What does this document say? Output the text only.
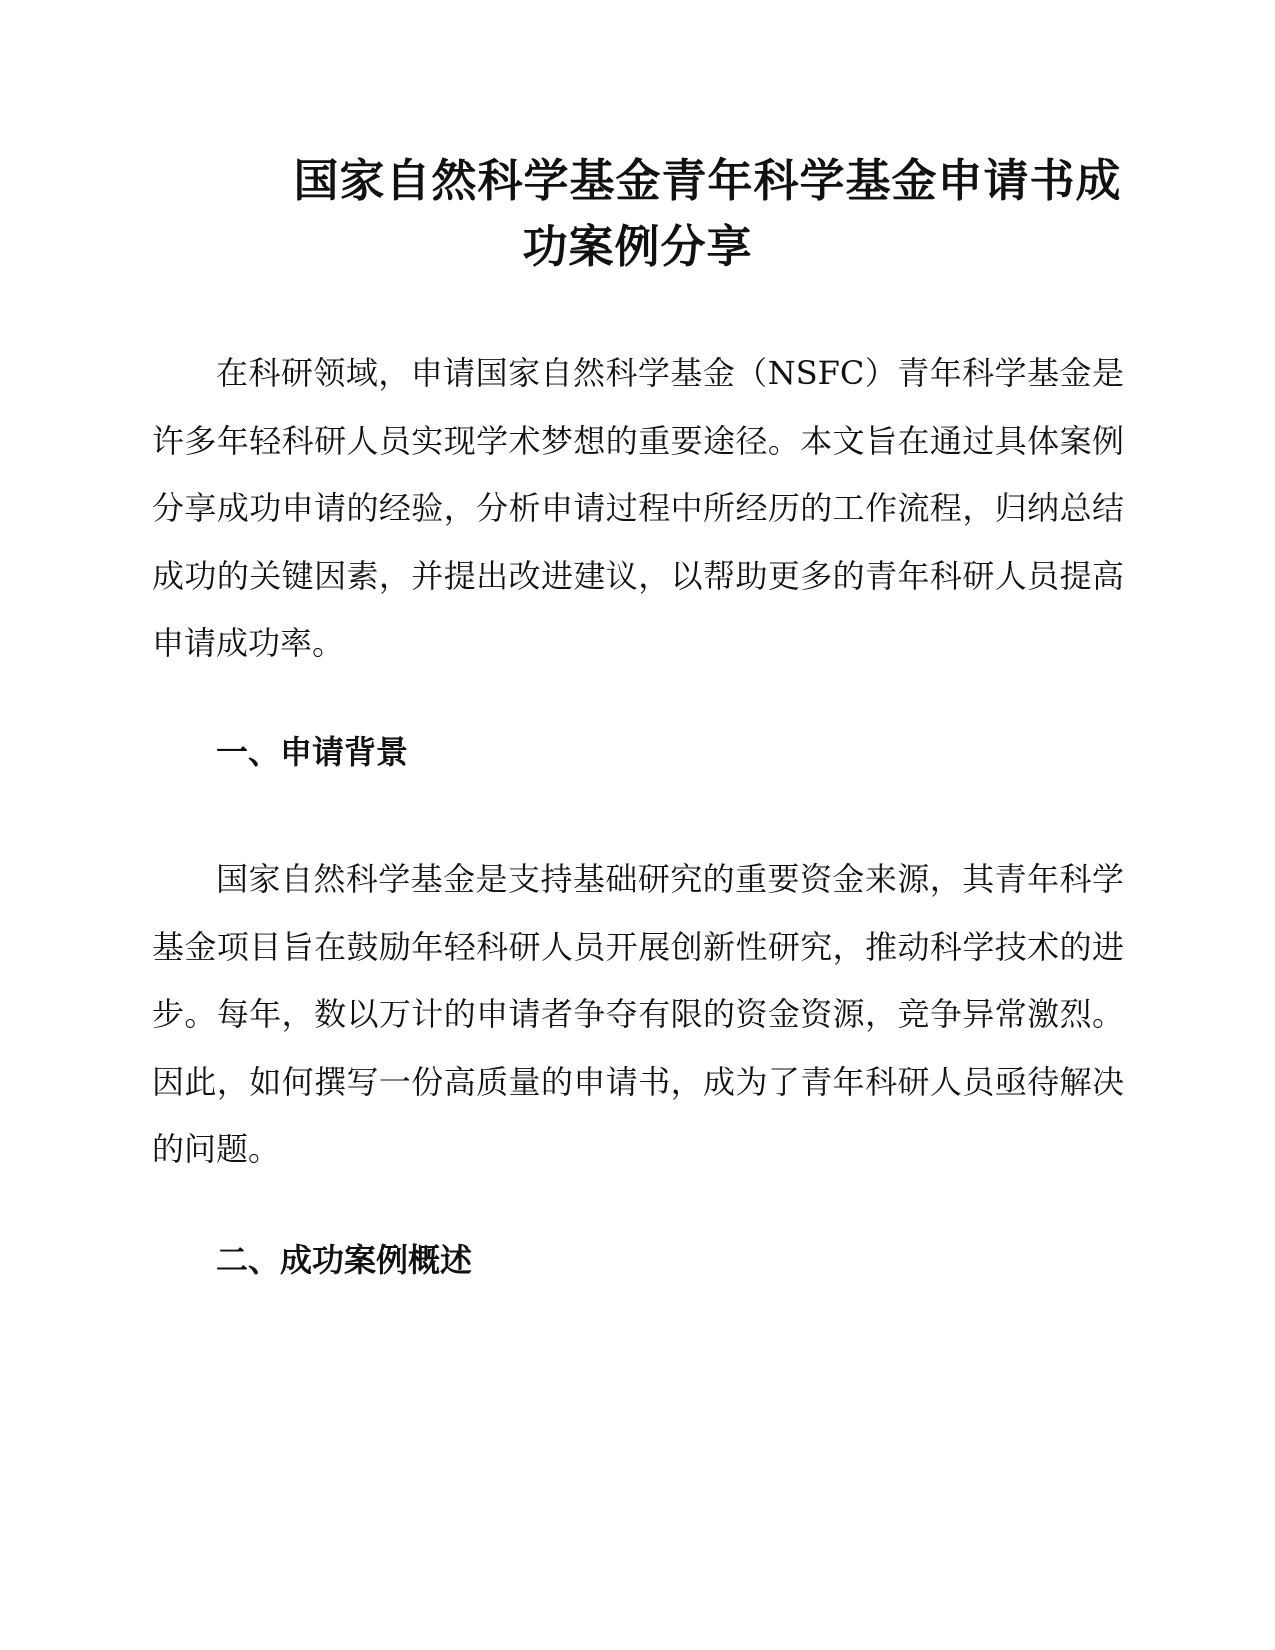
国家自然科学基金青年科学基金申请书成
功案例分享

在科研领域，申请国家自然科学基金（NSFC）青年科学基金是许多年轻科研人员实现学术梦想的重要途径。本文旨在通过具体案例分享成功申请的经验，分析申请过程中所经历的工作流程，归纳总结成功的关键因素，并提出改进建议，以帮助更多的青年科研人员提高申请成功率。

一、申请背景

国家自然科学基金是支持基础研究的重要资金来源，其青年科学基金项目旨在鼓励年轻科研人员开展创新性研究，推动科学技术的进步。每年，数以万计的申请者争夺有限的资金资源，竞争异常激烈。因此，如何撰写一份高质量的申请书，成为了青年科研人员亟待解决的问题。

二、成功案例概述
